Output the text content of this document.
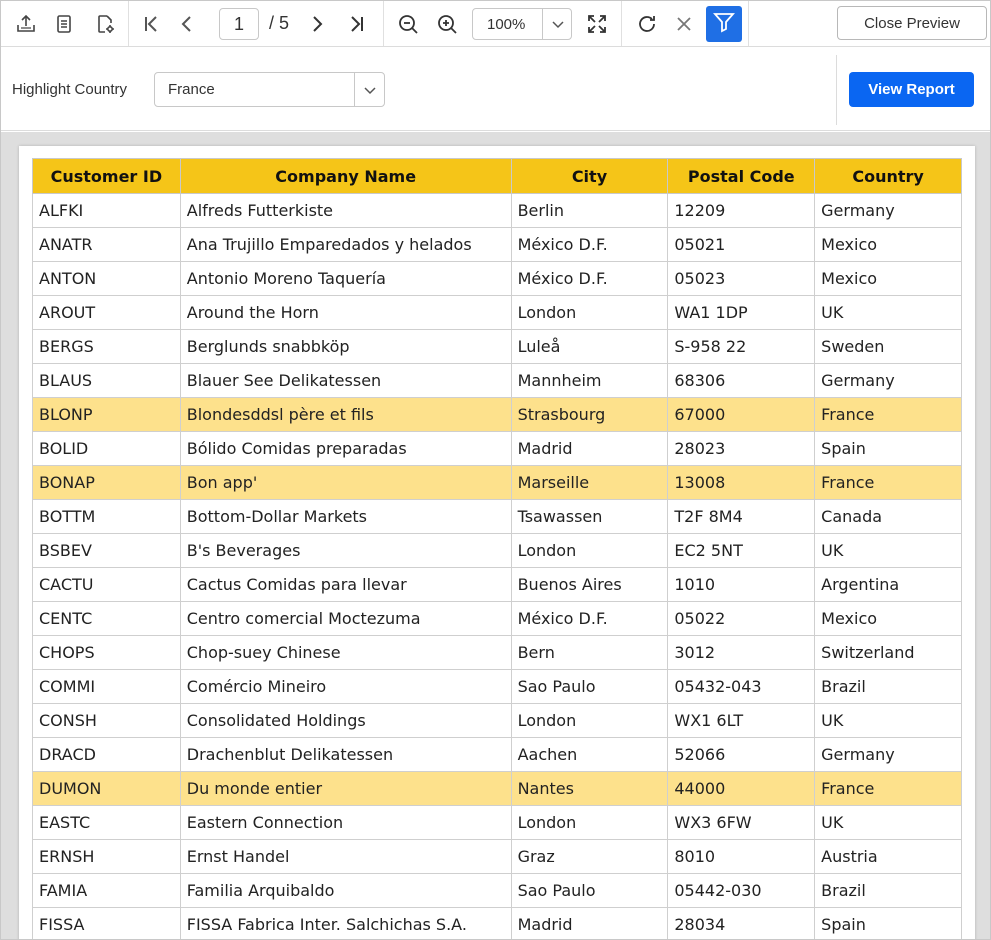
1	/ 5	100%	Close Preview
Highlight Country	France	View Report
Customer ID	Company Name	City	Postal Code	Country
ALFKI	Alfreds Futterkiste	Berlin	12209	Germany
ANATR	Ana Trujillo Emparedados y helados	México D.F.	05021	Mexico
ANTON	Antonio Moreno Taquería	México D.F.	05023	Mexico
AROUT	Around the Horn	London	WA1 1DP	UK
BERGS	Berglunds snabbköp	Luleå	S-958 22	Sweden
BLAUS	Blauer See Delikatessen	Mannheim	68306	Germany
BLONP	Blondesddsl père et fils	Strasbourg	67000	France
BOLID	Bólido Comidas preparadas	Madrid	28023	Spain
BONAP	Bon app'	Marseille	13008	France
BOTTM	Bottom-Dollar Markets	Tsawassen	T2F 8M4	Canada
BSBEV	B's Beverages	London	EC2 5NT	UK
CACTU	Cactus Comidas para llevar	Buenos Aires	1010	Argentina
CENTC	Centro comercial Moctezuma	México D.F.	05022	Mexico
CHOPS	Chop-suey Chinese	Bern	3012	Switzerland
COMMI	Comércio Mineiro	Sao Paulo	05432-043	Brazil
CONSH	Consolidated Holdings	London	WX1 6LT	UK
DRACD	Drachenblut Delikatessen	Aachen	52066	Germany
DUMON	Du monde entier	Nantes	44000	France
EASTC	Eastern Connection	London	WX3 6FW	UK
ERNSH	Ernst Handel	Graz	8010	Austria
FAMIA	Familia Arquibaldo	Sao Paulo	05442-030	Brazil
FISSA	FISSA Fabrica Inter. Salchichas S.A.	Madrid	28034	Spain
